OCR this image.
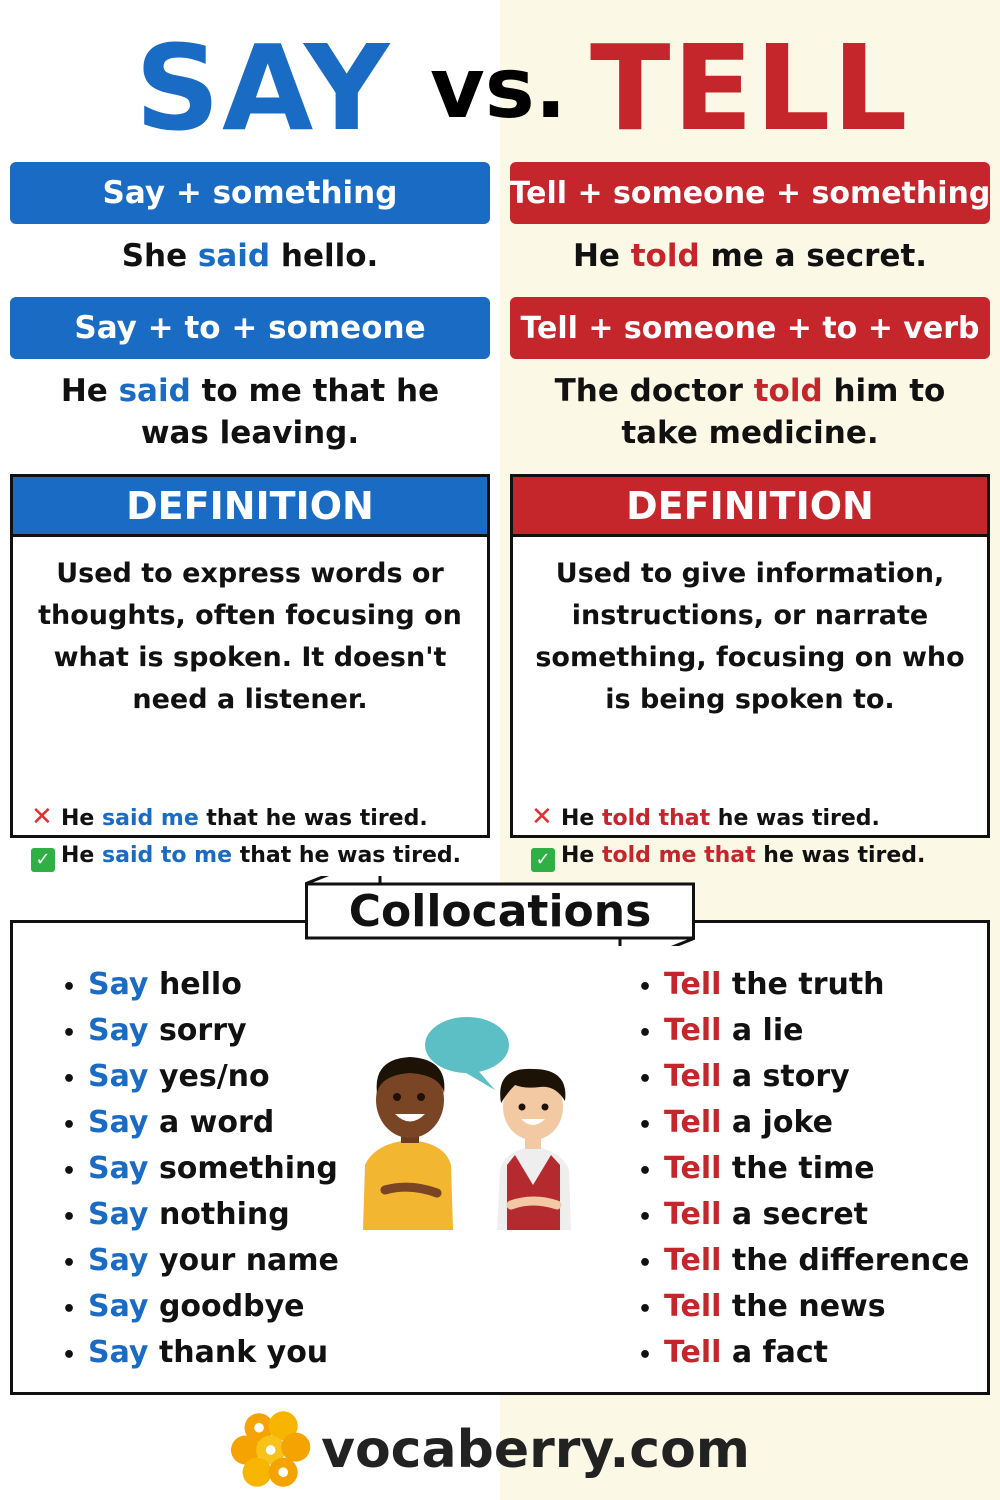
SAY vs. TELL
Say + something	Tell + someone + something
She said hello.	He told me a secret.
Say + to + someone	Tell + someone + to + verb
He said to me that he
was leaving.
The doctor told him to
take medicine.
DEFINITION
Used to express words or thoughts, often focusing on what is spoken. It doesn't need a listener.
✕ He said me that he was tired.
✓ He said to me that he was tired.
DEFINITION
Used to give information, instructions, or narrate something, focusing on who is being spoken to.
✕ He told that he was tired.
✓ He told me that he was tired.
Collocations
• Say hello
• Say sorry
• Say yes/no
• Say a word
• Say something
• Say nothing
• Say your name
• Say goodbye
• Say thank you
• Tell the truth
• Tell a lie
• Tell a story
• Tell a joke
• Tell the time
• Tell a secret
• Tell the difference
• Tell the news
• Tell a fact
vocaberry.com
